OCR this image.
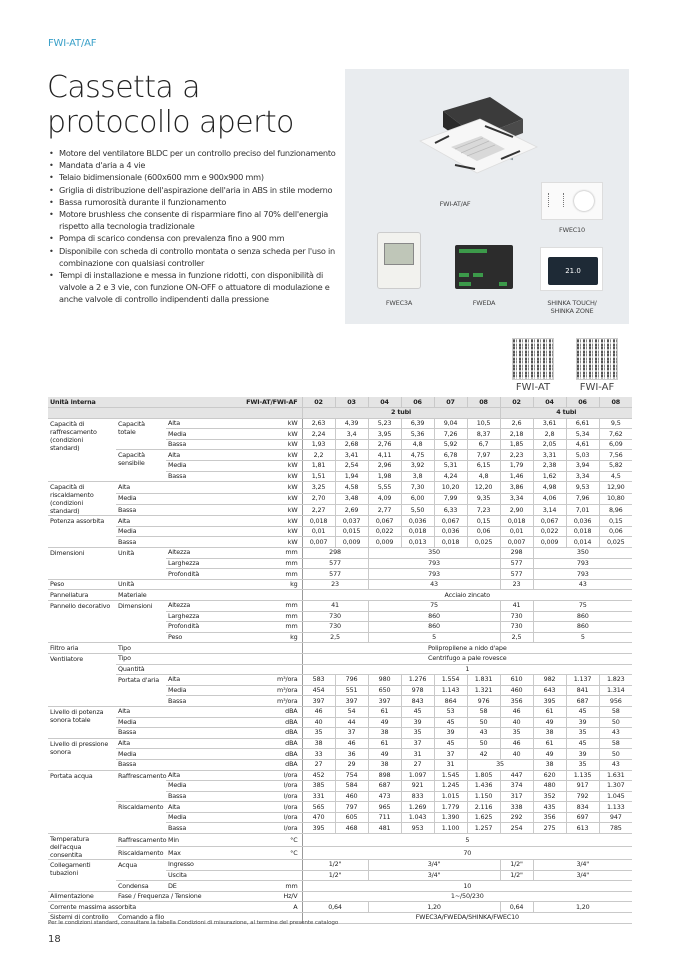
FWI-AT/AF
Cassetta a
protocollo aperto
• Motore del ventilatore BLDC per un controllo preciso del funzionamento
• Mandata d'aria a 4 vie
• Telaio bidimensionale (600x600 mm e 900x900 mm)
• Griglia di distribuzione dell'aspirazione dell'aria in ABS in stile moderno
• Bassa rumorosità durante il funzionamento
• Motore brushless che consente di risparmiare fino al 70% dell'energia rispetto alla tecnologia tradizionale
• Pompa di scarico condensa con prevalenza fino a 900 mm
• Disponibile con scheda di controllo montata o senza scheda per l'uso in combinazione con qualsiasi controller
• Tempi di installazione e messa in funzione ridotti, con disponibilità di valvole a 2 e 3 vie, con funzione ON-OFF o attuatore di modulazione e anche valvole di controllo indipendenti dalla pressione
FWI-AT/AF
FWEC10
FWEC3A	FWEDA
21.0
SHINKA TOUCH/
SHINKA ZONE
FWI-AT	FWI-AF
Unità interna			FWI-AT/FWI-AF		02	03	04	06	07	08	02	04	06	08
					2 tubi						4 tubi			
Capacità di raffrescamento (condizioni standard)	Capacità totale	Alta		kW	2,63	4,39	5,23	6,39	9,04	10,5	2,6	3,61	6,61	9,5
		Media		kW	2,24	3,4	3,95	5,36	7,26	8,37	2,18	2,8	5,34	7,62
		Bassa		kW	1,93	2,68	2,76	4,8	5,92	6,7	1,85	2,05	4,61	6,09
	Capacità sensibile	Alta		kW	2,2	3,41	4,11	4,75	6,78	7,97	2,23	3,31	5,03	7,56
		Media		kW	1,81	2,54	2,96	3,92	5,31	6,15	1,79	2,38	3,94	5,82
		Bassa		kW	1,51	1,94	1,98	3,8	4,24	4,8	1,46	1,62	3,34	4,5
Capacità di riscaldamento (condizioni standard)	Alta			kW	3,25	4,58	5,55	7,30	10,20	12,20	3,86	4,98	9,53	12,90
	Media			kW	2,70	3,48	4,09	6,00	7,99	9,35	3,34	4,06	7,96	10,80
	Bassa			kW	2,27	2,69	2,77	5,50	6,33	7,23	2,90	3,14	7,01	8,96
Potenza assorbita	Alta			kW	0,018	0,037	0,067	0,036	0,067	0,15	0,018	0,067	0,036	0,15
	Media			kW	0,01	0,015	0,022	0,018	0,036	0,06	0,01	0,022	0,018	0,06
	Bassa			kW	0,007	0,009	0,009	0,013	0,018	0,025	0,007	0,009	0,014	0,025
Dimensioni	Unità	Altezza		mm	298		350				298	350		
		Larghezza		mm	577		793				577	793		
		Profondità		mm	577		793				577	793		
Peso	Unità			kg	23		43				23	43		
Pannellatura	Materiale				Acciaio zincato									
Pannello decorativo	Dimensioni	Altezza		mm	41		75				41	75		
		Larghezza		mm	730		860				730	860		
		Profondità		mm	730		860				730	860		
		Peso		kg	2,5		5				2,5	5		
Filtro aria	Tipo				Polipropilene a nido d'ape									
Ventilatore	Tipo				Centrifugo a pale rovesce									
	Quantità				1									
	Portata d'aria	Alta		m³/ora	583	796	980	1.276	1.554	1.831	610	982	1.137	1.823
		Media		m³/ora	454	551	650	978	1.143	1.321	460	643	841	1.314
		Bassa		m³/ora	397	397	397	843	864	976	356	395	687	956
Livello di potenza sonora totale	Alta			dBA	46	54	61	45	53	58	46	61	45	58
	Media			dBA	40	44	49	39	45	50	40	49	39	50
	Bassa			dBA	35	37	38	35	39	43	35	38	35	43
Livello di pressione sonora	Alta			dBA	38	46	61	37	45	50	46	61	45	58
	Media			dBA	33	36	49	31	37	42	40	49	39	50
	Bassa			dBA	27	29	38	27	31	35		38	35	43
Portata acqua	Raffrescamento	Alta		l/ora	452	754	898	1.097	1.545	1.805	447	620	1.135	1.631
		Media		l/ora	385	584	687	921	1.245	1.436	374	480	917	1.307
		Bassa		l/ora	331	460	473	833	1.015	1.150	317	352	792	1.045
	Riscaldamento	Alta		l/ora	565	797	965	1.269	1.779	2.116	338	435	834	1.133
		Media		l/ora	470	605	711	1.043	1.390	1.625	292	356	697	947
		Bassa		l/ora	395	468	481	953	1.100	1.257	254	275	613	785
Temperatura dell'acqua consentita	Raffrescamento	Min		°C	5									
	Riscaldamento	Max		°C	70									
Collegamenti tubazioni	Acqua	Ingresso			1/2"		3/4"				1/2"	3/4"		
		Uscita			1/2"		3/4"				1/2"	3/4"		
	Condensa	DE		mm	10									
Alimentazione	Fase / Frequenza / Tensione			Hz/V	1~/50/230									
Corrente massima assorbita				A	0,64		1,20				0,64	1,20		
Sistemi di controllo	Comando a filo				FWEC3A/FWEDA/SHINKA/FWEC10									
Per le condizioni standard, consultare la tabella Condizioni di misurazione, al termine del presente catalogo
18
